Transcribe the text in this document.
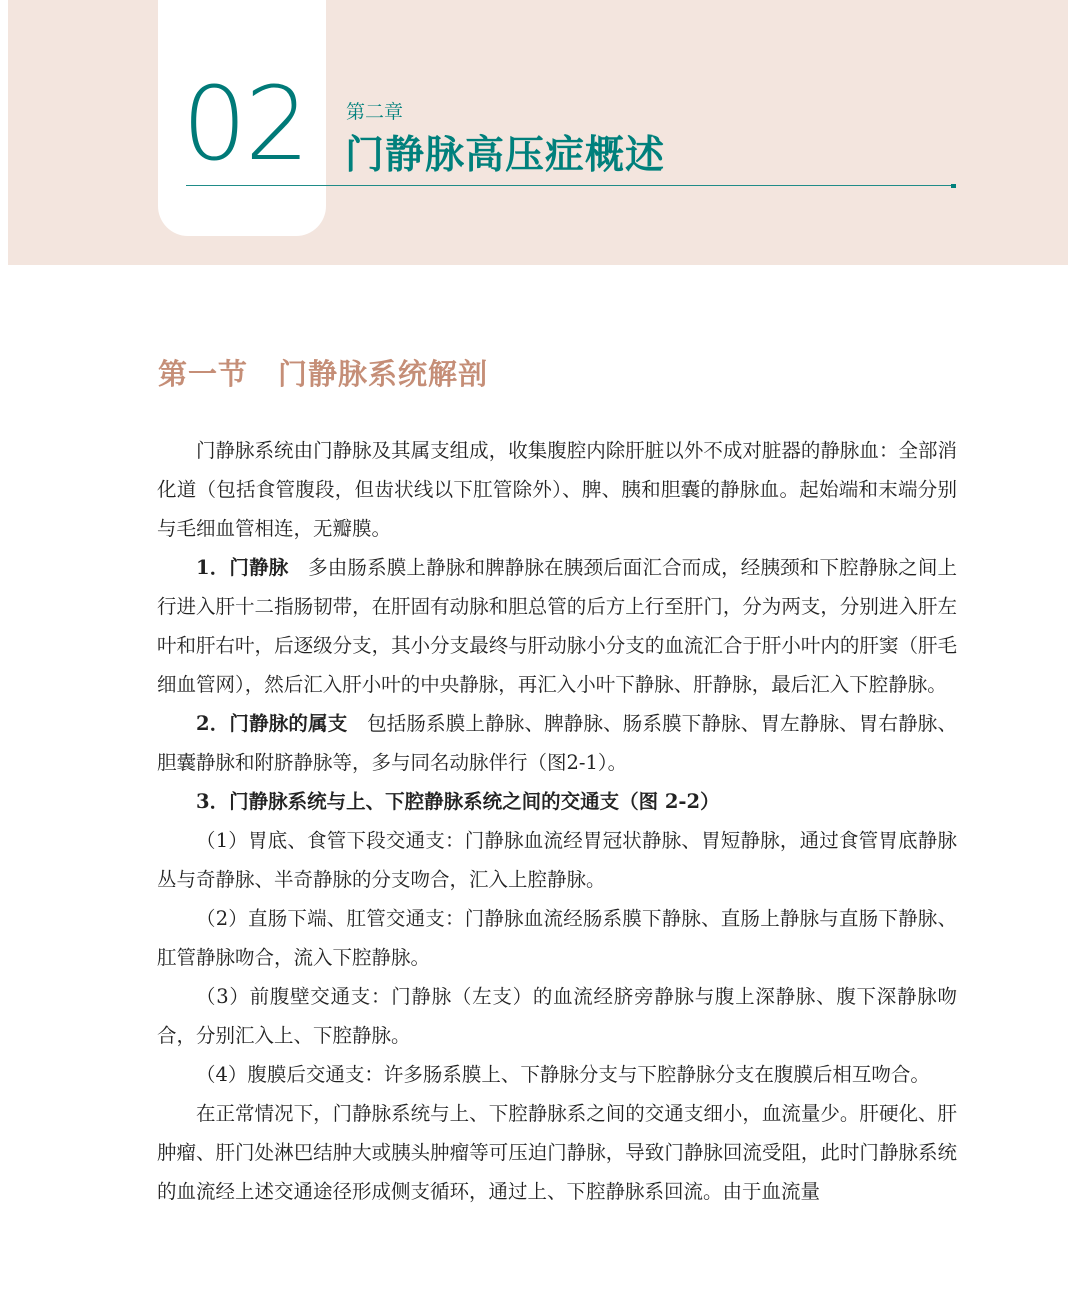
02 第二章
门静脉高压症概述
第一节　门静脉系统解剖

门静脉系统由门静脉及其属支组成，收集腹腔内除肝脏以外不成对脏器的静脉血：全部消化道（包括食管腹段，但齿状线以下肛管除外）、脾、胰和胆囊的静脉血。起始端和末端分别与毛细血管相连，无瓣膜。

1．门静脉　多由肠系膜上静脉和脾静脉在胰颈后面汇合而成，经胰颈和下腔静脉之间上行进入肝十二指肠韧带，在肝固有动脉和胆总管的后方上行至肝门，分为两支，分别进入肝左叶和肝右叶，后逐级分支，其小分支最终与肝动脉小分支的血流汇合于肝小叶内的肝窦（肝毛细血管网），然后汇入肝小叶的中央静脉，再汇入小叶下静脉、肝静脉，最后汇入下腔静脉。

2．门静脉的属支　包括肠系膜上静脉、脾静脉、肠系膜下静脉、胃左静脉、胃右静脉、胆囊静脉和附脐静脉等，多与同名动脉伴行（图2-1）。

3．门静脉系统与上、下腔静脉系统之间的交通支（图 2-2）

（1）胃底、食管下段交通支：门静脉血流经胃冠状静脉、胃短静脉，通过食管胃底静脉丛与奇静脉、半奇静脉的分支吻合，汇入上腔静脉。

（2）直肠下端、肛管交通支：门静脉血流经肠系膜下静脉、直肠上静脉与直肠下静脉、肛管静脉吻合，流入下腔静脉。

（3）前腹壁交通支：门静脉（左支）的血流经脐旁静脉与腹上深静脉、腹下深静脉吻合，分别汇入上、下腔静脉。

（4）腹膜后交通支：许多肠系膜上、下静脉分支与下腔静脉分支在腹膜后相互吻合。

在正常情况下，门静脉系统与上、下腔静脉系之间的交通支细小，血流量少。肝硬化、肝肿瘤、肝门处淋巴结肿大或胰头肿瘤等可压迫门静脉，导致门静脉回流受阻，此时门静脉系统的血流经上述交通途径形成侧支循环，通过上、下腔静脉系回流。由于血流量
